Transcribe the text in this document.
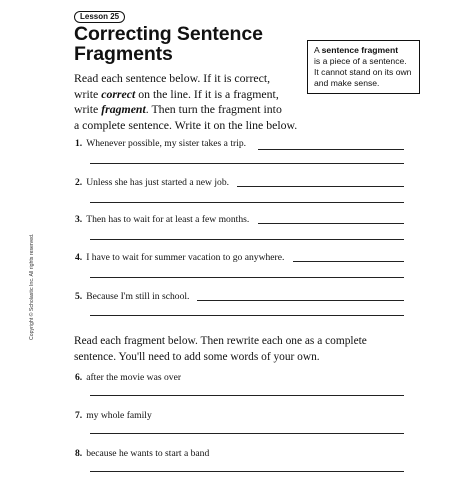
Lesson 25
Correcting Sentence
Fragments	A sentence fragment
is a piece of a sentence.
It cannot stand on its own
and make sense.
Read each sentence below. If it is correct,
write correct on the line. If it is a fragment,
write fragment. Then turn the fragment into
a complete sentence. Write it on the line below.
1. Whenever possible, my sister takes a trip.
2. Unless she has just started a new job.
3. Then has to wait for at least a few months.
4. I have to wait for summer vacation to go anywhere.
5. Because I'm still in school.
Read each fragment below. Then rewrite each one as a complete
sentence. You'll need to add some words of your own.
6. after the movie was over
7. my whole family
8. because he wants to start a band
Copyright © Scholastic Inc. All rights reserved.
